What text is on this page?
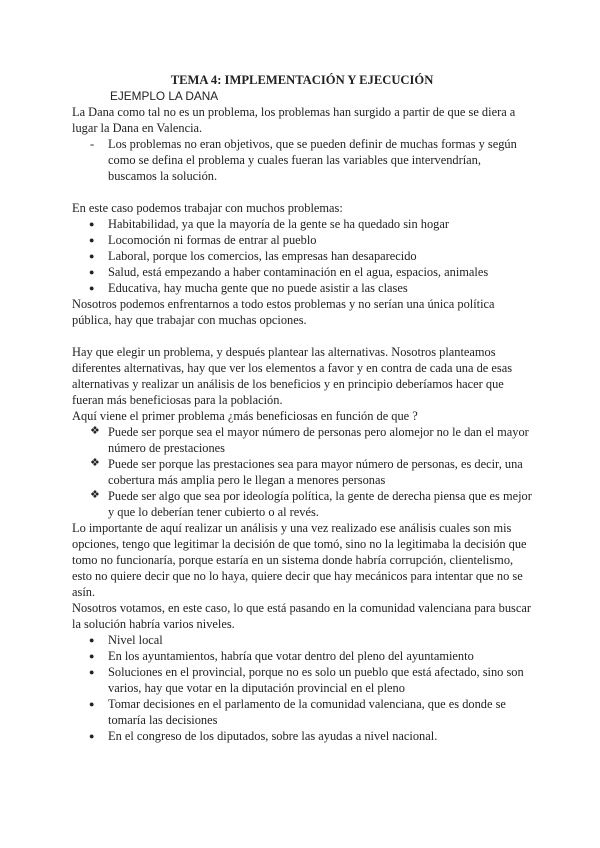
TEMA 4: IMPLEMENTACIÓN Y EJECUCIÓN
EJEMPLO LA DANA

La Dana como tal no es un problema, los problemas han surgido a partir de que se diera a lugar la Dana en Valencia.

- Los problemas no eran objetivos, que se pueden definir de muchas formas y según como se defina el problema y cuales fueran las variables que intervendrían, buscamos la solución.

En este caso podemos trabajar con muchos problemas:

● Habitabilidad, ya que la mayoría de la gente se ha quedado sin hogar
● Locomoción ni formas de entrar al pueblo
● Laboral, porque los comercios, las empresas han desaparecido
● Salud, está empezando a haber contaminación en el agua, espacios, animales
● Educativa, hay mucha gente que no puede asistir a las clases

Nosotros podemos enfrentarnos a todo estos problemas y no serían una única política pública, hay que trabajar con muchas opciones.

Hay que elegir un problema, y después plantear las alternativas. Nosotros planteamos diferentes alternativas, hay que ver los elementos a favor y en contra de cada una de esas alternativas y realizar un análisis de los beneficios y en principio deberíamos hacer que fueran más beneficiosas para la población.

Aquí viene el primer problema ¿más beneficiosas en función de que ?

❖ Puede ser porque sea el mayor número de personas pero alomejor no le dan el mayor número de prestaciones
❖ Puede ser porque las prestaciones sea para mayor número de personas, es decir, una cobertura más amplia pero le llegan a menores personas
❖ Puede ser algo que sea por ideología política, la gente de derecha piensa que es mejor y que lo deberían tener cubierto o al revés.

Lo importante de aquí realizar un análisis y una vez realizado ese análisis cuales son mis opciones, tengo que legitimar la decisión de que tomó, sino no la legitimaba la decisión que tomo no funcionaría, porque estaría en un sistema donde habría corrupción, clientelismo, esto no quiere decir que no lo haya, quiere decir que hay mecánicos para intentar que no se asín.

Nosotros votamos, en este caso, lo que está pasando en la comunidad valenciana para buscar la solución habría varios niveles.

● Nivel local
● En los ayuntamientos, habría que votar dentro del pleno del ayuntamiento
● Soluciones en el provincial, porque no es solo un pueblo que está afectado, sino son varios, hay que votar en la diputación provincial en el pleno
● Tomar decisiones en el parlamento de la comunidad valenciana, que es donde se tomaría las decisiones
● En el congreso de los diputados, sobre las ayudas a nivel nacional.
